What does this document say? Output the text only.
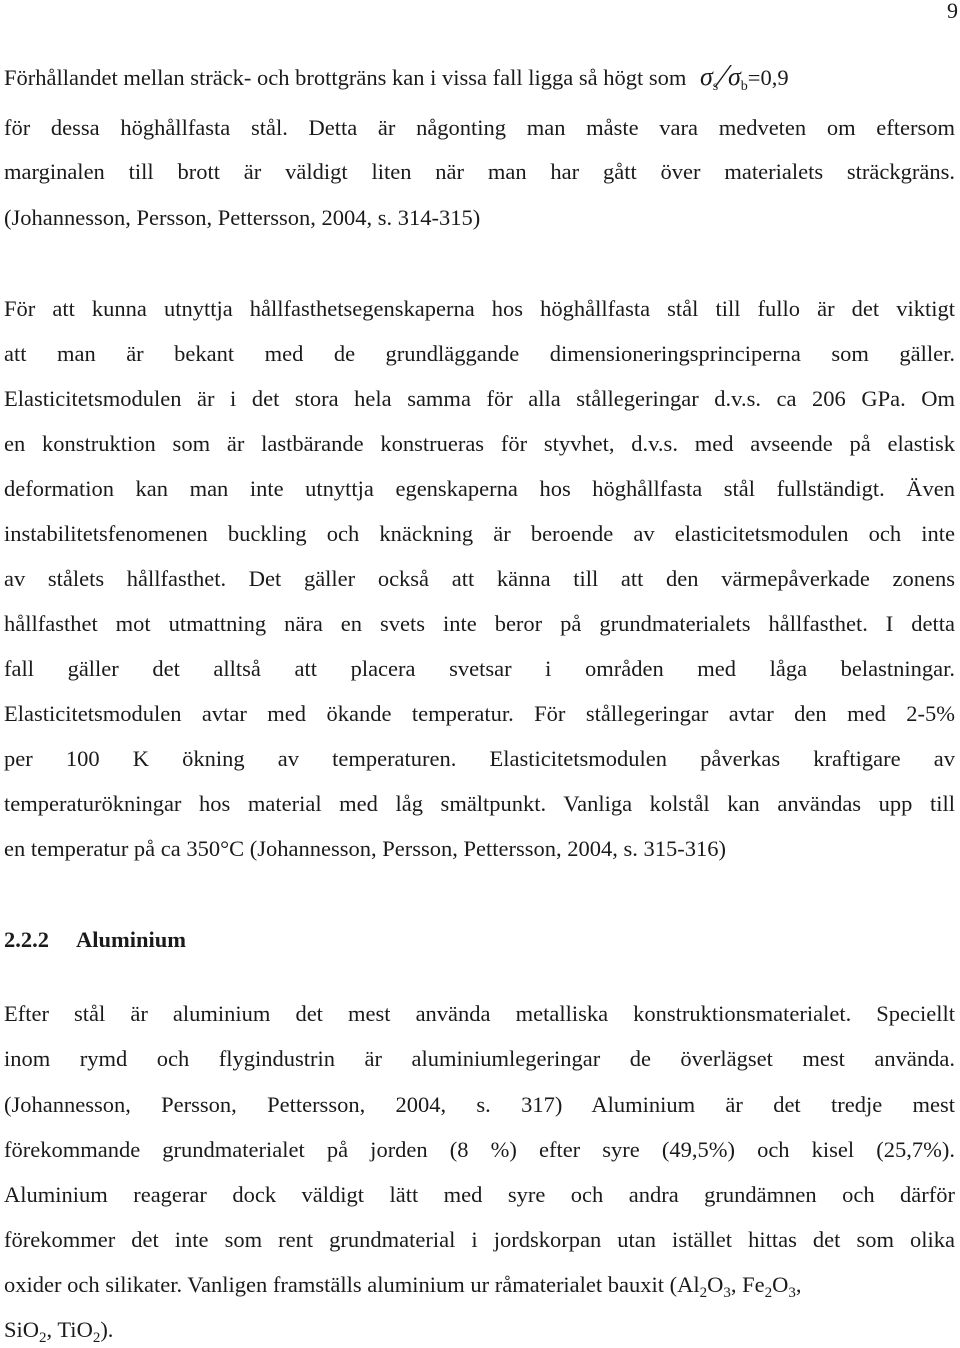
9
Förhållandet mellan sträck- och brottgräns kan i vissa fall ligga så högt som $\sigma_s⁄\sigma_b=0,9$
för dessa höghållfasta stål. Detta är någonting man måste vara medveten om eftersom
marginalen till brott är väldigt liten när man har gått över materialets sträckgräns.
(Johannesson, Persson, Pettersson, 2004, s. 314-315)
För att kunna utnyttja hållfasthetsegenskaperna hos höghållfasta stål till fullo är det viktigt
att man är bekant med de grundläggande dimensioneringsprinciperna som gäller.
Elasticitetsmodulen är i det stora hela samma för alla stållegeringar d.v.s. ca 206 GPa. Om
en konstruktion som är lastbärande konstrueras för styvhet, d.v.s. med avseende på elastisk
deformation kan man inte utnyttja egenskaperna hos höghållfasta stål fullständigt. Även
instabilitetsfenomenen buckling och knäckning är beroende av elasticitetsmodulen och inte
av stålets hållfasthet. Det gäller också att känna till att den värmepåverkade zonens
hållfasthet mot utmattning nära en svets inte beror på grundmaterialets hållfasthet. I detta
fall gäller det alltså att placera svetsar i områden med låga belastningar.
Elasticitetsmodulen avtar med ökande temperatur. För stållegeringar avtar den med 2-5%
per 100 K ökning av temperaturen. Elasticitetsmodulen påverkas kraftigare av
temperaturökningar hos material med låg smältpunkt. Vanliga kolstål kan användas upp till
en temperatur på ca 350°C (Johannesson, Persson, Pettersson, 2004, s. 315-316)
2.2.2 Aluminium
Efter stål är aluminium det mest använda metalliska konstruktionsmaterialet. Speciellt
inom rymd och flygindustrin är aluminiumlegeringar de överlägset mest använda.
(Johannesson, Persson, Pettersson, 2004, s. 317) Aluminium är det tredje mest
förekommande grundmaterialet på jorden (8 %) efter syre (49,5%) och kisel (25,7%).
Aluminium reagerar dock väldigt lätt med syre och andra grundämnen och därför
förekommer det inte som rent grundmaterial i jordskorpan utan istället hittas det som olika
oxider och silikater. Vanligen framställs aluminium ur råmaterialet bauxit ($Al_2O_3$, $Fe_2O_3$,
SiO$_2$, TiO$_2$).
